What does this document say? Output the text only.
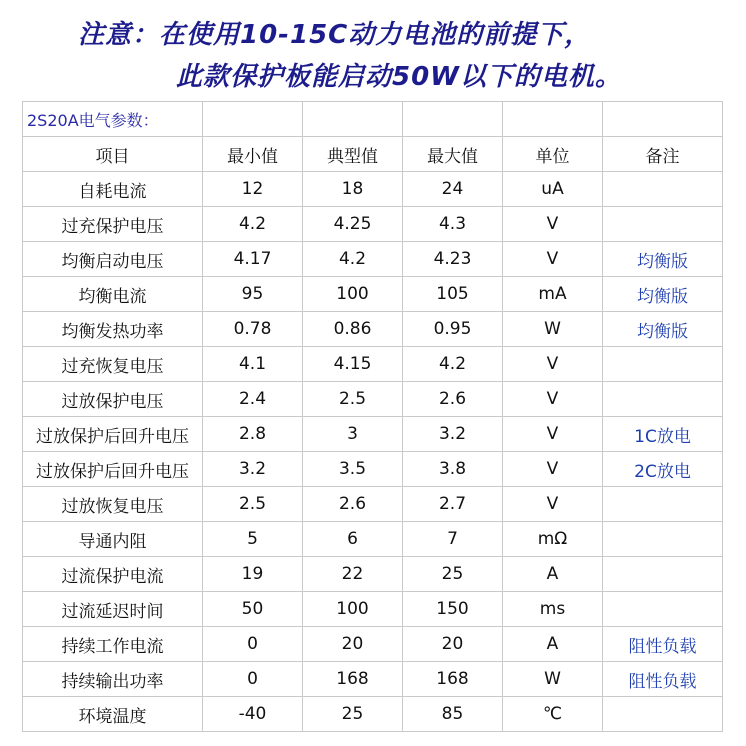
注意：在使用10-15C动力电池的前提下，
此款保护板能启动50W以下的电机。
2S20A电气参数：					
项目	最小值	典型值	最大值	单位	备注
自耗电流	12	18	24	uA	
过充保护电压	4.2	4.25	4.3	V	
均衡启动电压	4.17	4.2	4.23	V	均衡版
均衡电流	95	100	105	mA	均衡版
均衡发热功率	0.78	0.86	0.95	W	均衡版
过充恢复电压	4.1	4.15	4.2	V	
过放保护电压	2.4	2.5	2.6	V	
过放保护后回升电压	2.8	3	3.2	V	1C放电
过放保护后回升电压	3.2	3.5	3.8	V	2C放电
过放恢复电压	2.5	2.6	2.7	V	
导通内阻	5	6	7	mΩ	
过流保护电流	19	22	25	A	
过流延迟时间	50	100	150	ms	
持续工作电流	0	20	20	A	阻性负载
持续输出功率	0	168	168	W	阻性负载
环境温度	-40	25	85	℃	
